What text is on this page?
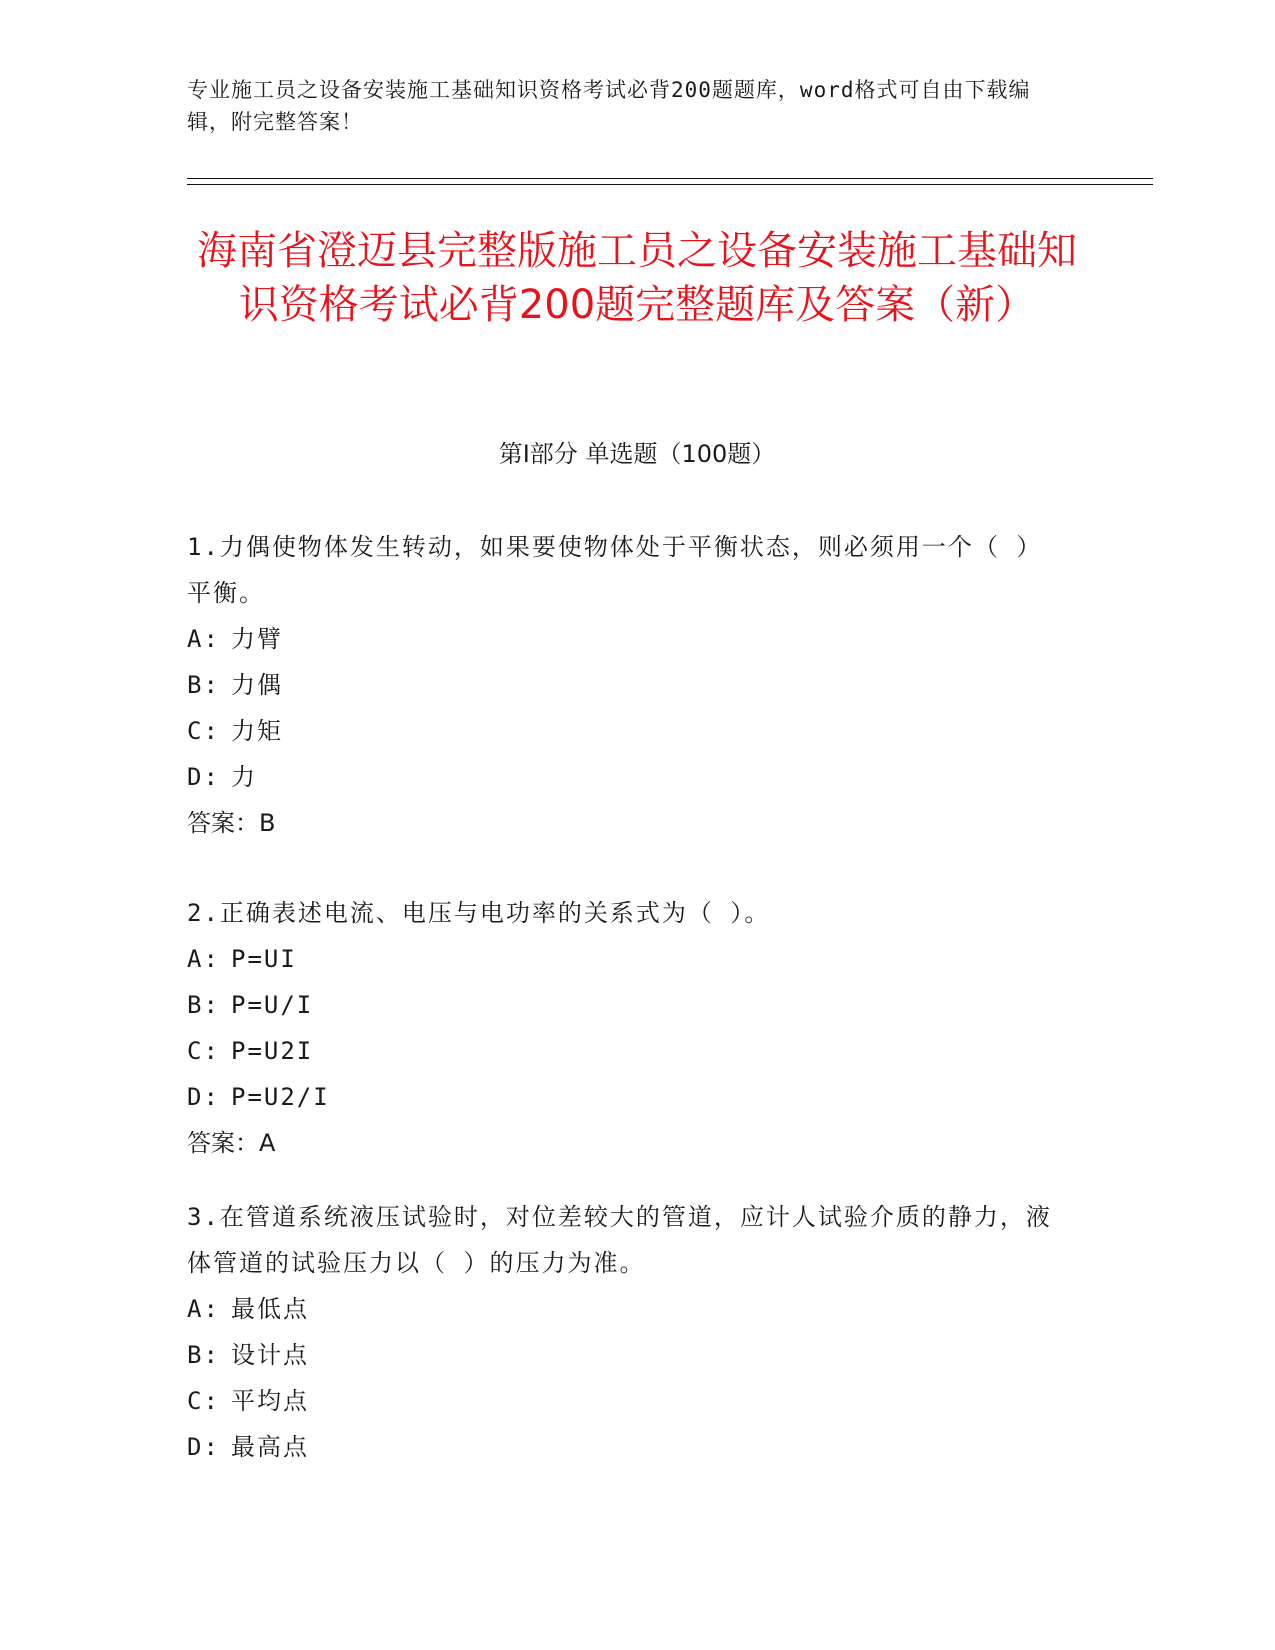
专业施工员之设备安装施工基础知识资格考试必背200题题库，word格式可自由下载编辑，附完整答案！
海南省澄迈县完整版施工员之设备安装施工基础知识资格考试必背200题完整题库及答案（新）
第Ⅰ部分 单选题（100题）
1.力偶使物体发生转动，如果要使物体处于平衡状态，则必须用一个（ ）平衡。
A: 力臂
B: 力偶
C: 力矩
D: 力
答案：B
2.正确表述电流、电压与电功率的关系式为（ ）。
A: P=UI
B: P=U/I
C: P=U2I
D: P=U2/I
答案：A
3.在管道系统液压试验时，对位差较大的管道，应计人试验介质的静力，液体管道的试验压力以（ ）的压力为准。
A: 最低点
B: 设计点
C: 平均点
D: 最高点
